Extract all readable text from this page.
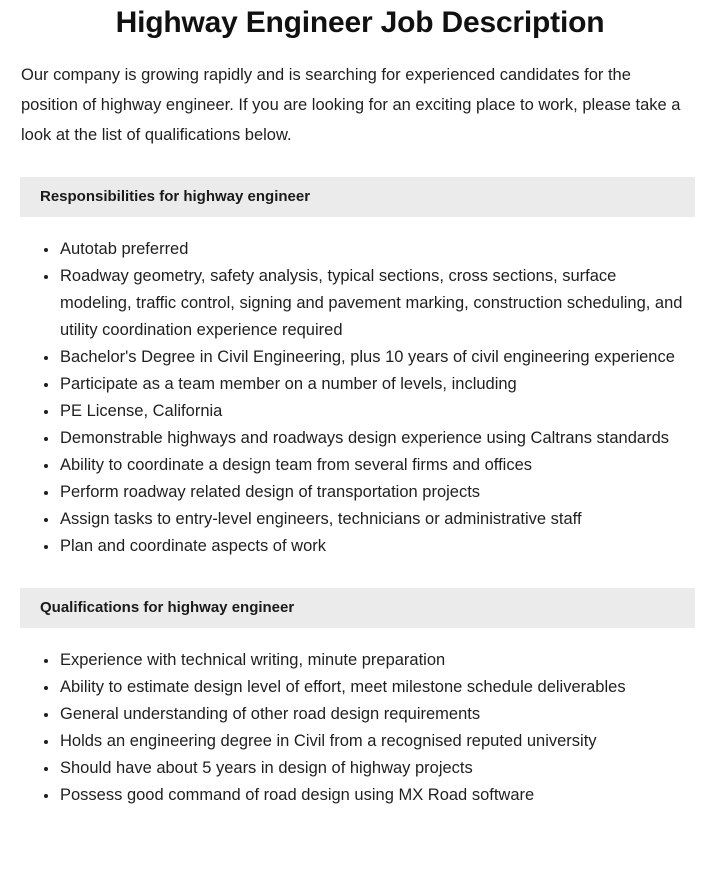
Highway Engineer Job Description

Our company is growing rapidly and is searching for experienced candidates for the position of highway engineer. If you are looking for an exciting place to work, please take a look at the list of qualifications below.

Responsibilities for highway engineer
Autotab preferred
Roadway geometry, safety analysis, typical sections, cross sections, surface modeling, traffic control, signing and pavement marking, construction scheduling, and utility coordination experience required
Bachelor's Degree in Civil Engineering, plus 10 years of civil engineering experience
Participate as a team member on a number of levels, including
PE License, California
Demonstrable highways and roadways design experience using Caltrans standards
Ability to coordinate a design team from several firms and offices
Perform roadway related design of transportation projects
Assign tasks to entry-level engineers, technicians or administrative staff
Plan and coordinate aspects of work
Qualifications for highway engineer
Experience with technical writing, minute preparation
Ability to estimate design level of effort, meet milestone schedule deliverables
General understanding of other road design requirements
Holds an engineering degree in Civil from a recognised reputed university
Should have about 5 years in design of highway projects
Possess good command of road design using MX Road software
